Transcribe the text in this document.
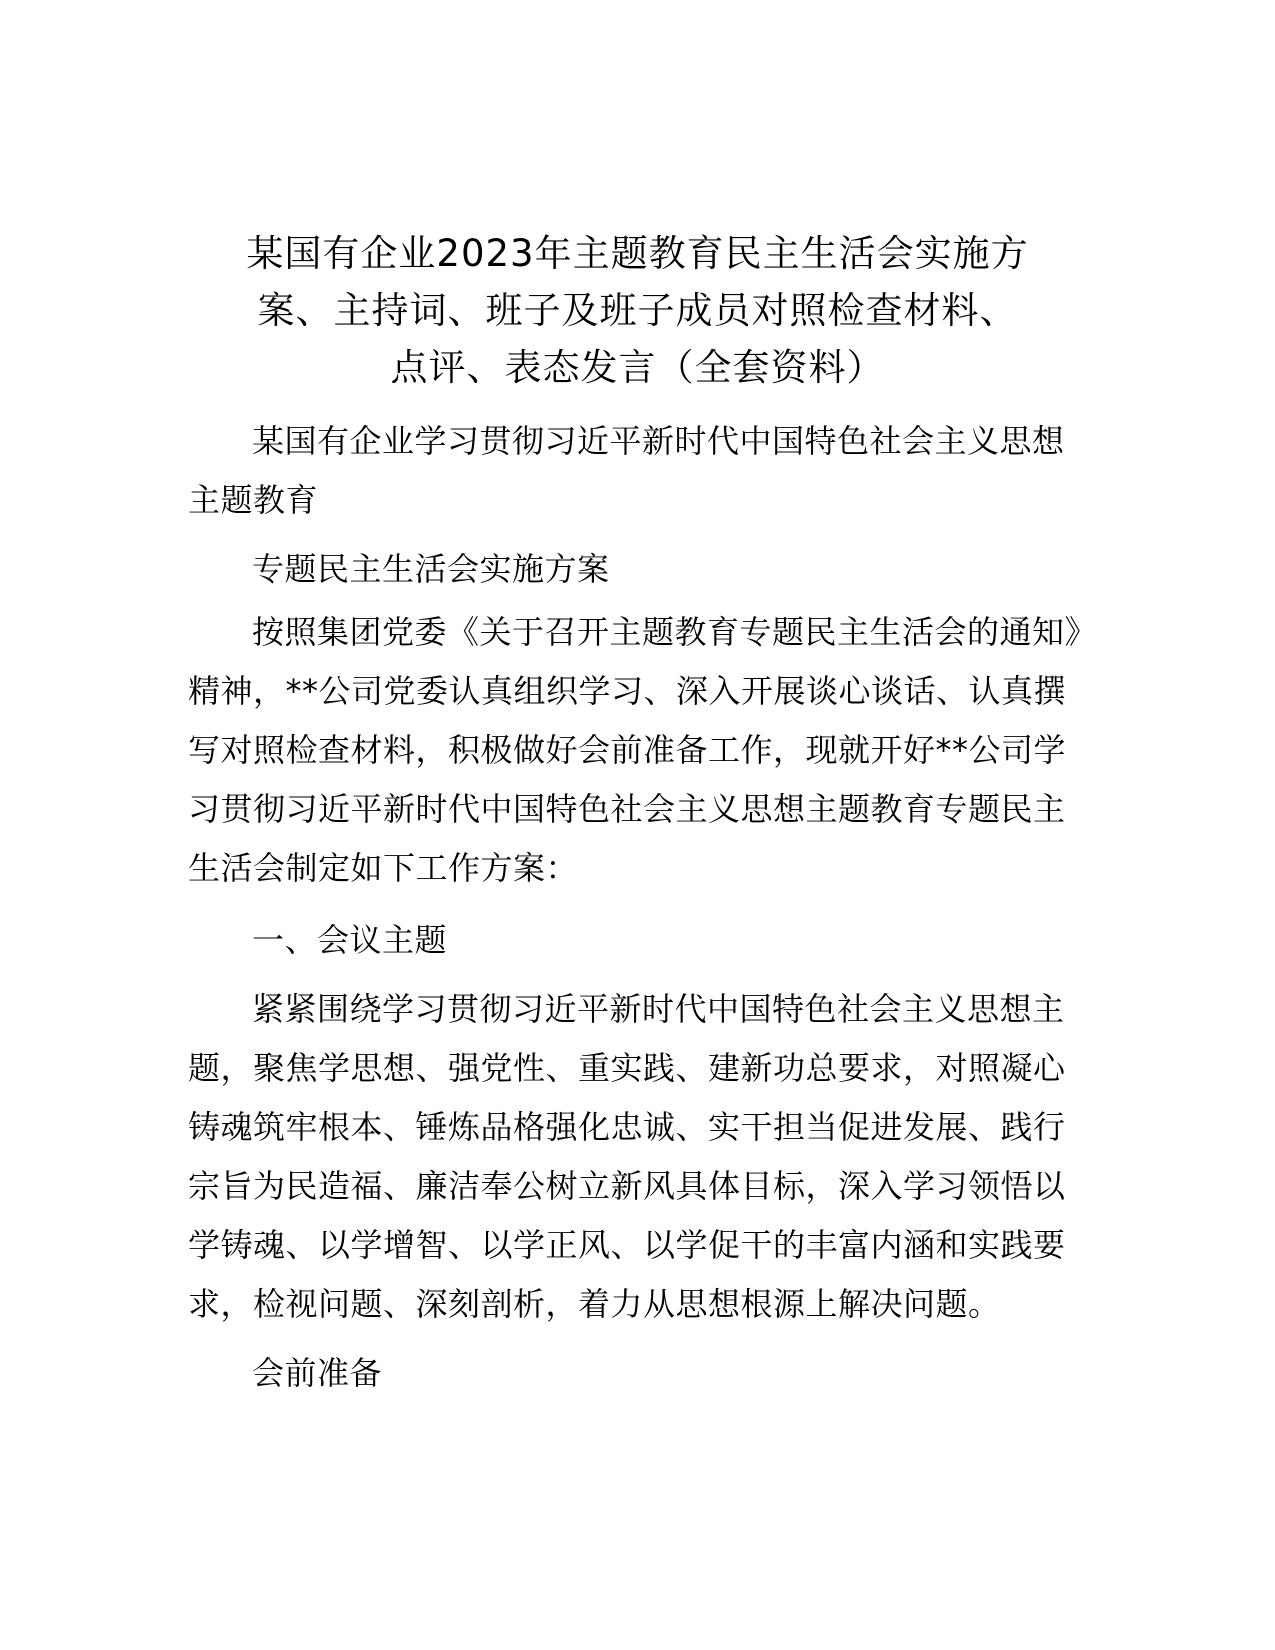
某国有企业2023年主题教育民主生活会实施方
案、主持词、班子及班子成员对照检查材料、
点评、表态发言（全套资料）

某国有企业学习贯彻习近平新时代中国特色社会主义思想主题教育

专题民主生活会实施方案

按照集团党委《关于召开主题教育专题民主生活会的通知》精神，**公司党委认真组织学习、深入开展谈心谈话、认真撰写对照检查材料，积极做好会前准备工作，现就开好**公司学习贯彻习近平新时代中国特色社会主义思想主题教育专题民主生活会制定如下工作方案：

一、会议主题

紧紧围绕学习贯彻习近平新时代中国特色社会主义思想主题，聚焦学思想、强党性、重实践、建新功总要求，对照凝心铸魂筑牢根本、锤炼品格强化忠诚、实干担当促进发展、践行宗旨为民造福、廉洁奉公树立新风具体目标，深入学习领悟以学铸魂、以学增智、以学正风、以学促干的丰富内涵和实践要求，检视问题、深刻剖析，着力从思想根源上解决问题。

会前准备
